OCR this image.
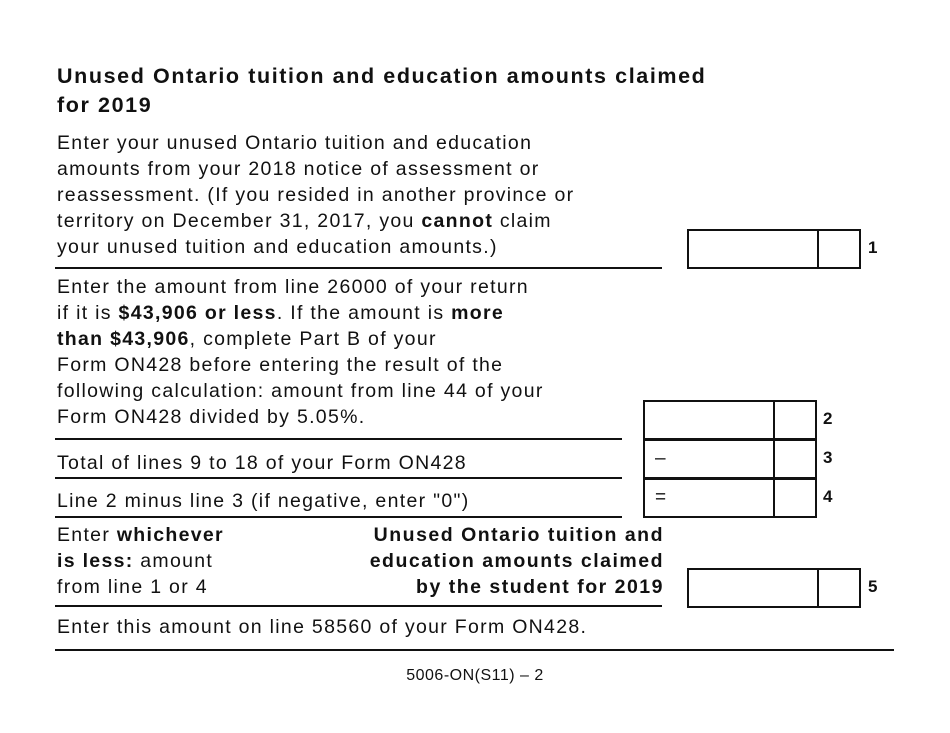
Unused Ontario tuition and education amounts claimed
for 2019
Enter your unused Ontario tuition and education
amounts from your 2018 notice of assessment or
reassessment. (If you resided in another province or
territory on December 31, 2017, you cannot claim
your unused tuition and education amounts.)	1
Enter the amount from line 26000 of your return
if it is $43,906 or less. If the amount is more
than $43,906, complete Part B of your
Form ON428 before entering the result of the
following calculation: amount from line 44 of your
Form ON428 divided by 5.05%.	2
Total of lines 9 to 18 of your Form ON428	–	3
Line 2 minus line 3 (if negative, enter "0")	=	4
Enter whichever
is less: amount
from line 1 or 4
Unused Ontario tuition and
education amounts claimed
by the student for 2019	5
Enter this amount on line 58560 of your Form ON428.
5006-ON(S11) – 2
